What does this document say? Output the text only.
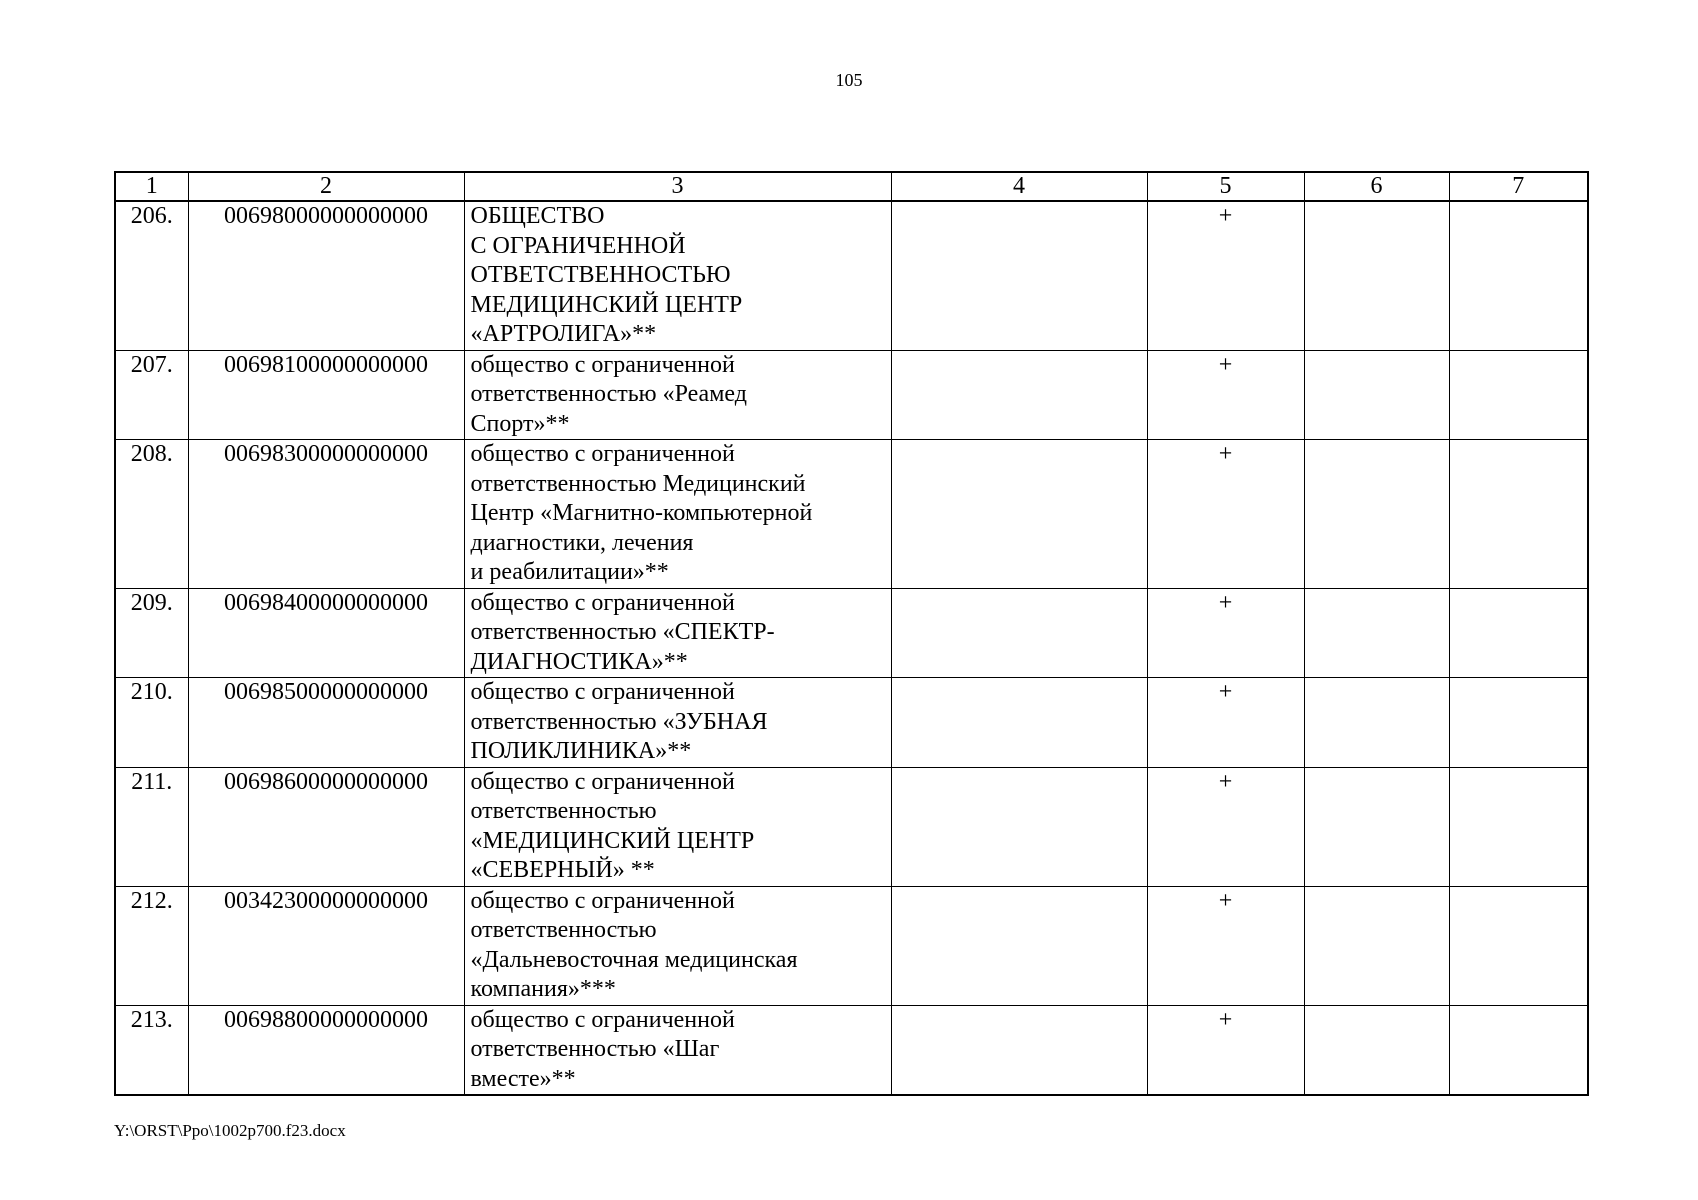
105
1	2	3	4	5	6	7
206.	00698000000000000	ОБЩЕСТВО
С ОГРАНИЧЕННОЙ
ОТВЕТСТВЕННОСТЬЮ
МЕДИЦИНСКИЙ ЦЕНТР
«АРТРОЛИГА»**		+		
207.	00698100000000000	общество с ограниченной
ответственностью «Реамед
Спорт»**		+		
208.	00698300000000000	общество с ограниченной
ответственностью Медицинский
Центр «Магнитно-компьютерной
диагностики, лечения
и реабилитации»**		+		
209.	00698400000000000	общество с ограниченной
ответственностью «СПЕКТР-
ДИАГНОСТИКА»**		+		
210.	00698500000000000	общество с ограниченной
ответственностью «ЗУБНАЯ
ПОЛИКЛИНИКА»**		+		
211.	00698600000000000	общество с ограниченной
ответственностью
«МЕДИЦИНСКИЙ ЦЕНТР
«СЕВЕРНЫЙ» **		+		
212.	00342300000000000	общество с ограниченной
ответственностью
«Дальневосточная медицинская
компания»***		+		
213.	00698800000000000	общество с ограниченной
ответственностью «Шаг
вместе»**		+		
Y:\ORST\Ppo\1002p700.f23.docx
